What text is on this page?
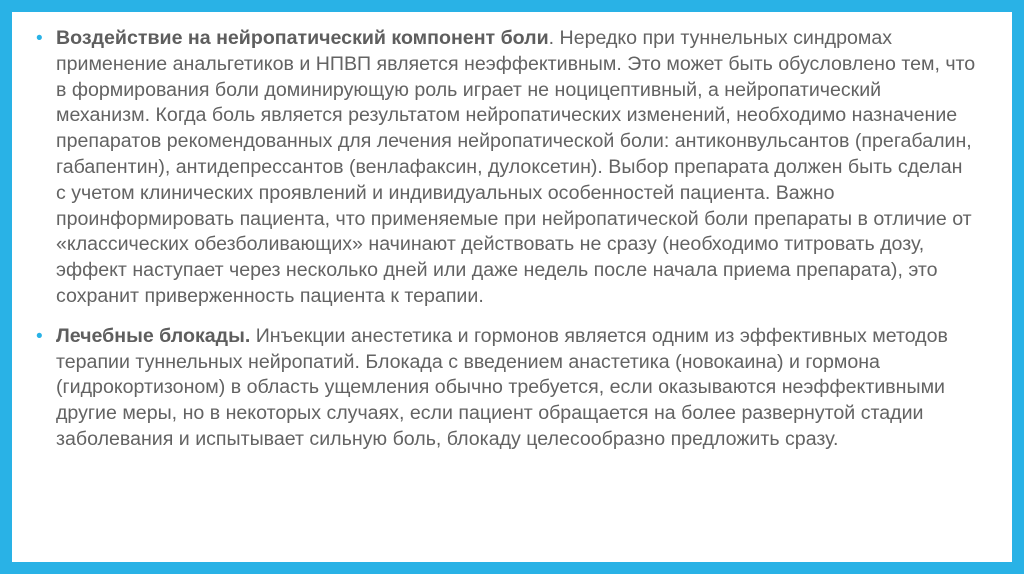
• Воздействие на нейропатический компонент боли. Нередко при туннельных синдромах применение анальгетиков и НПВП является неэффективным. Это может быть обусловлено тем, что в формирования боли доминирующую роль играет не ноцицептивный, а нейропатический механизм. Когда боль является результатом нейропатических изменений, необходимо назначение препаратов рекомендованных для лечения нейропатической боли: антиконвульсантов (прегабалин, габапентин), антидепрессантов (венлафаксин, дулоксетин). Выбор препарата должен быть сделан с учетом клинических проявлений и индивидуальных особенностей пациента. Важно проинформировать пациента, что применяемые при нейропатической боли препараты в отличие от «классических обезболивающих» начинают действовать не сразу (необходимо титровать дозу, эффект наступает через несколько дней или даже недель после начала приема препарата), это сохранит приверженность пациента к терапии.
• Лечебные блокады. Инъекции анестетика и гормонов является одним из эффективных методов терапии туннельных нейропатий. Блокада с введением анастетика (новокаина) и гормона (гидрокортизоном) в область ущемления обычно требуется, если оказываются неэффективными другие меры, но в некоторых случаях, если пациент обращается на более развернутой стадии заболевания и испытывает сильную боль, блокаду целесообразно предложить сразу.
